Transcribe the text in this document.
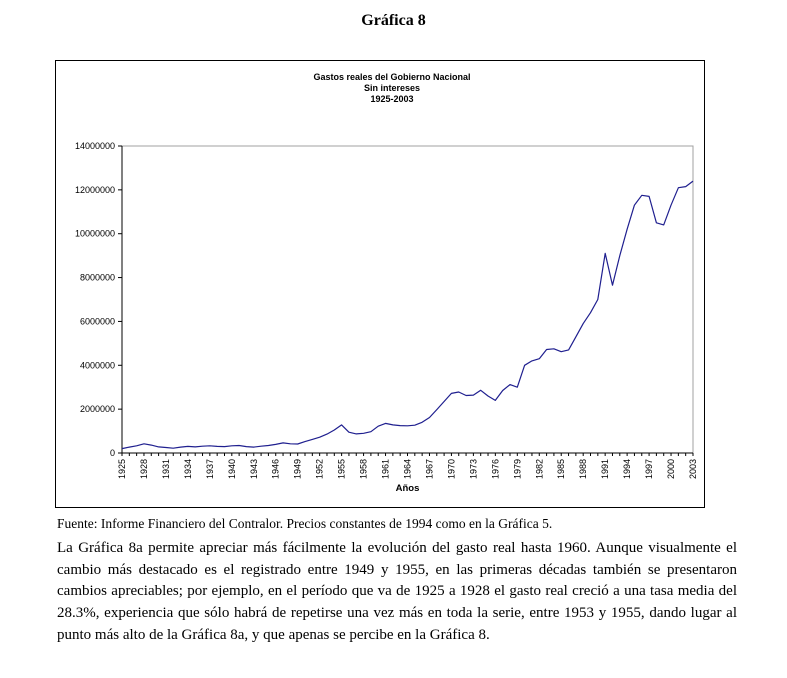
Gráfica 8
0
2000000
4000000
6000000
8000000
10000000
12000000
14000000
1925 1928 1931 1934 1937 1940 1943 1946 1949 1952 1955 1958 1961 1964 1967 1970 1973 1976 1979 1982 1985 1988 1991 1994 1997 2000 2003
Años
Gastos reales del Gobierno Nacional
Sin intereses
1925-2003

Fuente: Informe Financiero del Contralor. Precios constantes de 1994 como en la Gráfica 5.

La Gráfica 8a permite apreciar más fácilmente la evolución del gasto real hasta 1960. Aunque visualmente el cambio más destacado es el registrado entre 1949 y 1955, en las primeras décadas también se presentaron cambios apreciables; por ejemplo, en el período que va de 1925 a 1928 el gasto real creció a una tasa media del 28.3%, experiencia que sólo habrá de repetirse una vez más en toda la serie, entre 1953 y 1955, dando lugar al punto más alto de la Gráfica 8a, y que apenas se percibe en la Gráfica 8.
